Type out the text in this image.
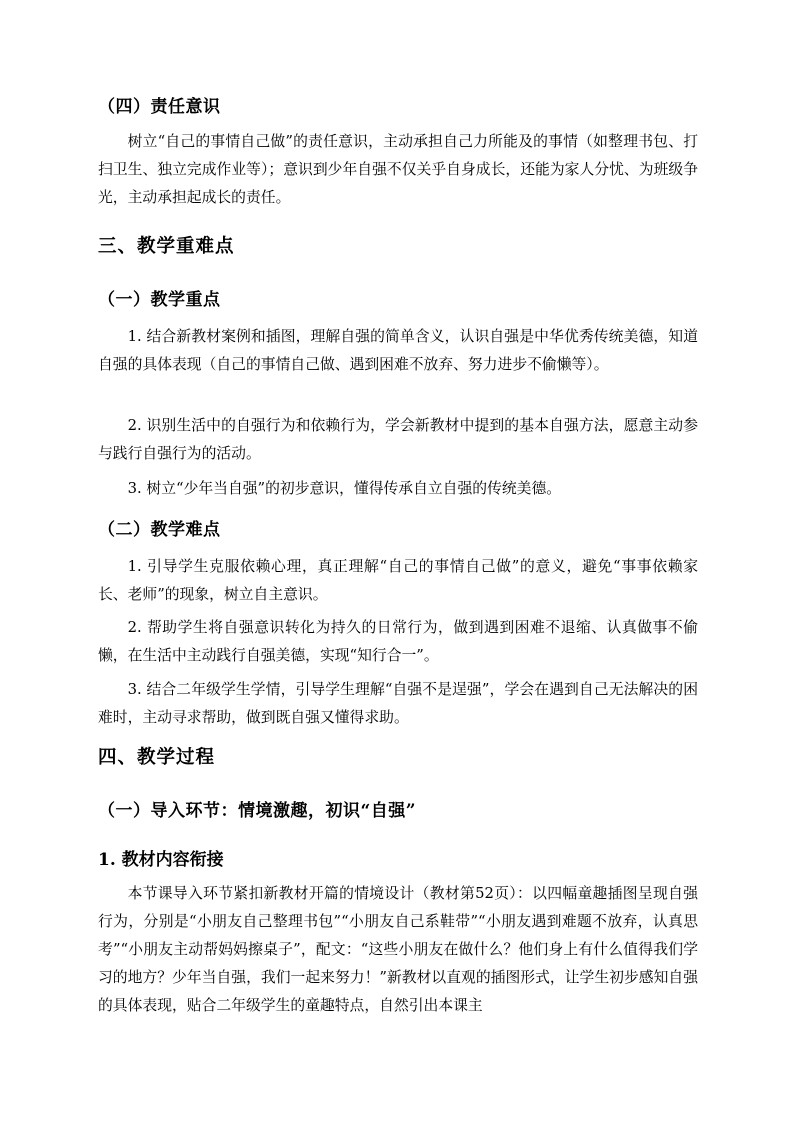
（四）责任意识
树立“自己的事情自己做”的责任意识，主动承担自己力所能及的事情（如整理书包、打扫卫生、独立完成作业等）；意识到少年自强不仅关乎自身成长，还能为家人分忧、为班级争光，主动承担起成长的责任。
三、教学重难点
（一）教学重点
1. 结合新教材案例和插图，理解自强的简单含义，认识自强是中华优秀传统美德，知道自强的具体表现（自己的事情自己做、遇到困难不放弃、努力进步不偷懒等）。
2. 识别生活中的自强行为和依赖行为，学会新教材中提到的基本自强方法，愿意主动参与践行自强行为的活动。
3. 树立“少年当自强”的初步意识，懂得传承自立自强的传统美德。
（二）教学难点
1. 引导学生克服依赖心理，真正理解“自己的事情自己做”的意义，避免“事事依赖家长、老师”的现象，树立自主意识。
2. 帮助学生将自强意识转化为持久的日常行为，做到遇到困难不退缩、认真做事不偷懒，在生活中主动践行自强美德，实现“知行合一”。
3. 结合二年级学生学情，引导学生理解“自强不是逞强”，学会在遇到自己无法解决的困难时，主动寻求帮助，做到既自强又懂得求助。
四、教学过程
（一）导入环节：情境激趣，初识“自强”
1. 教材内容衔接
本节课导入环节紧扣新教材开篇的情境设计（教材第52页）：以四幅童趣插图呈现自强行为，分别是“小朋友自己整理书包”“小朋友自己系鞋带”“小朋友遇到难题不放弃，认真思考”“小朋友主动帮妈妈擦桌子”，配文：“这些小朋友在做什么？他们身上有什么值得我们学习的地方？少年当自强，我们一起来努力！”新教材以直观的插图形式，让学生初步感知自强的具体表现，贴合二年级学生的童趣特点，自然引出本课主
